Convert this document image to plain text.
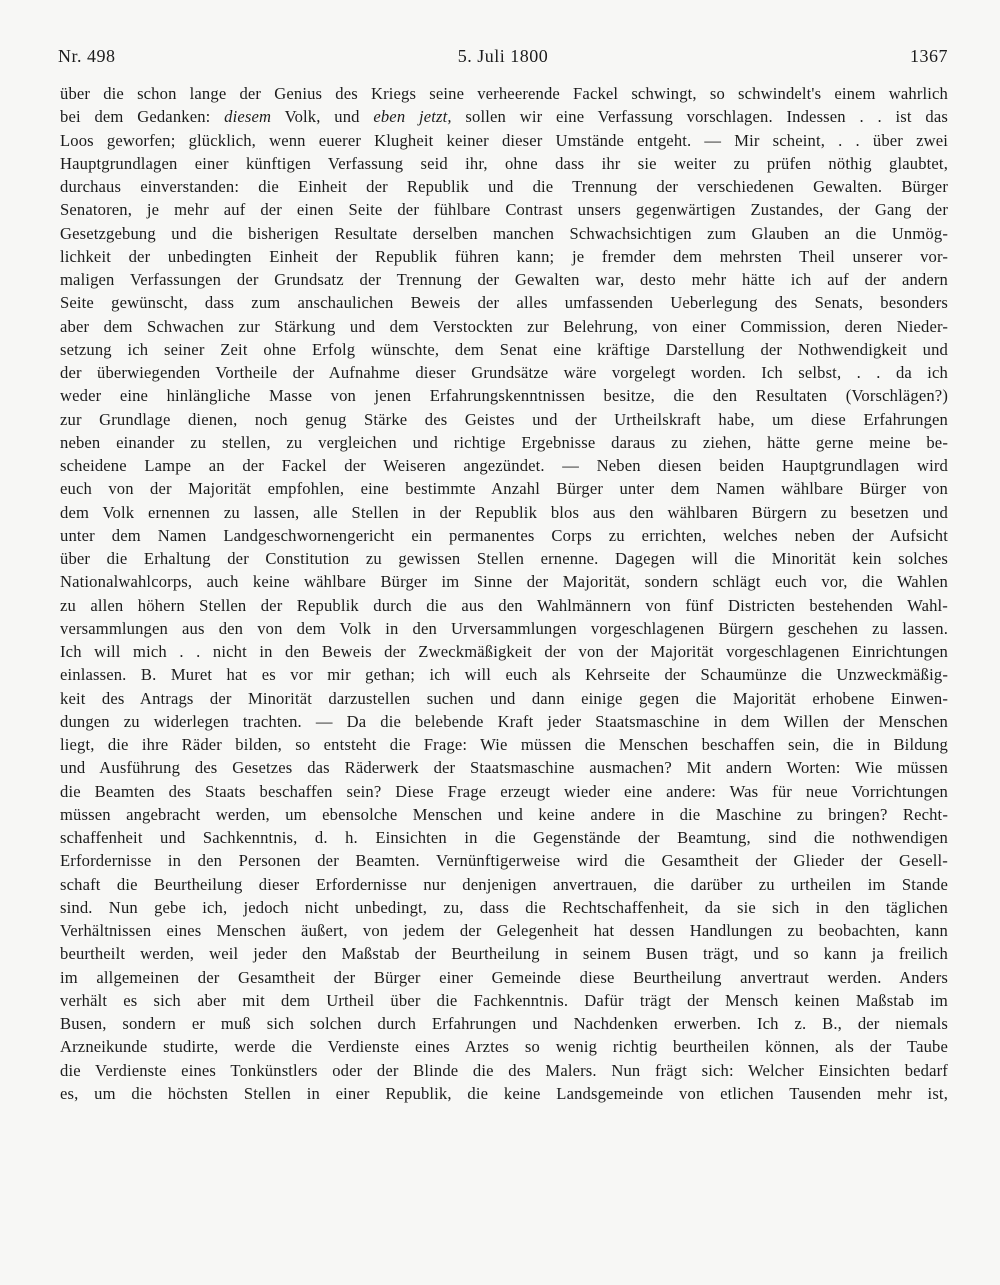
Nr. 498	5. Juli 1800	1367
über die schon lange der Genius des Kriegs seine verheerende Fackel schwingt, so schwindelt's einem wahrlich
bei dem Gedanken: diesem Volk, und eben jetzt, sollen wir eine Verfassung vorschlagen. Indessen . . ist das
Loos geworfen; glücklich, wenn euerer Klugheit keiner dieser Umstände entgeht. — Mir scheint, . . über zwei
Hauptgrundlagen einer künftigen Verfassung seid ihr, ohne dass ihr sie weiter zu prüfen nöthig glaubtet,
durchaus einverstanden: die Einheit der Republik und die Trennung der verschiedenen Gewalten. Bürger
Senatoren, je mehr auf der einen Seite der fühlbare Contrast unsers gegenwärtigen Zustandes, der Gang der
Gesetzgebung und die bisherigen Resultate derselben manchen Schwachsichtigen zum Glauben an die Unmög-
lichkeit der unbedingten Einheit der Republik führen kann; je fremder dem mehrsten Theil unserer vor-
maligen Verfassungen der Grundsatz der Trennung der Gewalten war, desto mehr hätte ich auf der andern
Seite gewünscht, dass zum anschaulichen Beweis der alles umfassenden Ueberlegung des Senats, besonders
aber dem Schwachen zur Stärkung und dem Verstockten zur Belehrung, von einer Commission, deren Nieder-
setzung ich seiner Zeit ohne Erfolg wünschte, dem Senat eine kräftige Darstellung der Nothwendigkeit und
der überwiegenden Vortheile der Aufnahme dieser Grundsätze wäre vorgelegt worden. Ich selbst, . . da ich
weder eine hinlängliche Masse von jenen Erfahrungskenntnissen besitze, die den Resultaten (Vorschlägen?)
zur Grundlage dienen, noch genug Stärke des Geistes und der Urtheilskraft habe, um diese Erfahrungen
neben einander zu stellen, zu vergleichen und richtige Ergebnisse daraus zu ziehen, hätte gerne meine be-
scheidene Lampe an der Fackel der Weiseren angezündet. — Neben diesen beiden Hauptgrundlagen wird
euch von der Majorität empfohlen, eine bestimmte Anzahl Bürger unter dem Namen wählbare Bürger von
dem Volk ernennen zu lassen, alle Stellen in der Republik blos aus den wählbaren Bürgern zu besetzen und
unter dem Namen Landgeschwornengericht ein permanentes Corps zu errichten, welches neben der Aufsicht
über die Erhaltung der Constitution zu gewissen Stellen ernenne. Dagegen will die Minorität kein solches
Nationalwahlcorps, auch keine wählbare Bürger im Sinne der Majorität, sondern schlägt euch vor, die Wahlen
zu allen höhern Stellen der Republik durch die aus den Wahlmännern von fünf Districten bestehenden Wahl-
versammlungen aus den von dem Volk in den Urversammlungen vorgeschlagenen Bürgern geschehen zu lassen.
Ich will mich . . nicht in den Beweis der Zweckmäßigkeit der von der Majorität vorgeschlagenen Einrichtungen
einlassen. B. Muret hat es vor mir gethan; ich will euch als Kehrseite der Schaumünze die Unzweckmäßig-
keit des Antrags der Minorität darzustellen suchen und dann einige gegen die Majorität erhobene Einwen-
dungen zu widerlegen trachten. — Da die belebende Kraft jeder Staatsmaschine in dem Willen der Menschen
liegt, die ihre Räder bilden, so entsteht die Frage: Wie müssen die Menschen beschaffen sein, die in Bildung
und Ausführung des Gesetzes das Räderwerk der Staatsmaschine ausmachen? Mit andern Worten: Wie müssen
die Beamten des Staats beschaffen sein? Diese Frage erzeugt wieder eine andere: Was für neue Vorrichtungen
müssen angebracht werden, um ebensolche Menschen und keine andere in die Maschine zu bringen? Recht-
schaffenheit und Sachkenntnis, d. h. Einsichten in die Gegenstände der Beamtung, sind die nothwendigen
Erfordernisse in den Personen der Beamten. Vernünftigerweise wird die Gesamtheit der Glieder der Gesell-
schaft die Beurtheilung dieser Erfordernisse nur denjenigen anvertrauen, die darüber zu urtheilen im Stande
sind. Nun gebe ich, jedoch nicht unbedingt, zu, dass die Rechtschaffenheit, da sie sich in den täglichen
Verhältnissen eines Menschen äußert, von jedem der Gelegenheit hat dessen Handlungen zu beobachten, kann
beurtheilt werden, weil jeder den Maßstab der Beurtheilung in seinem Busen trägt, und so kann ja freilich
im allgemeinen der Gesamtheit der Bürger einer Gemeinde diese Beurtheilung anvertraut werden. Anders
verhält es sich aber mit dem Urtheil über die Fachkenntnis. Dafür trägt der Mensch keinen Maßstab im
Busen, sondern er muß sich solchen durch Erfahrungen und Nachdenken erwerben. Ich z. B., der niemals
Arzneikunde studirte, werde die Verdienste eines Arztes so wenig richtig beurtheilen können, als der Taube
die Verdienste eines Tonkünstlers oder der Blinde die des Malers. Nun frägt sich: Welcher Einsichten bedarf
es, um die höchsten Stellen in einer Republik, die keine Landsgemeinde von etlichen Tausenden mehr ist,
